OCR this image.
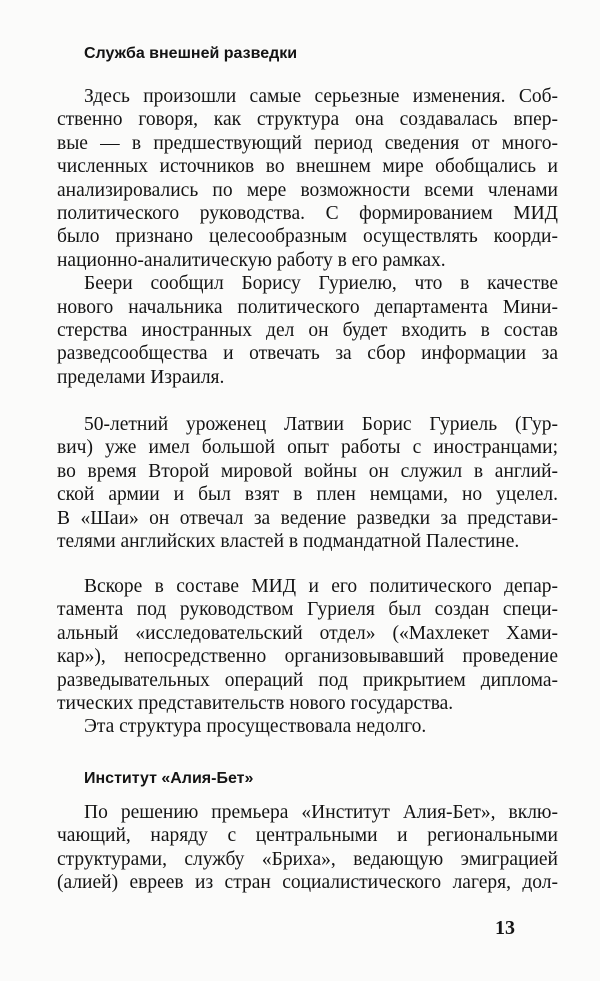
Служба внешней разведки
Здесь произошли самые серьезные изменения. Соб-
ственно говоря, как структура она создавалась впер-
вые — в предшествующий период сведения от много-
численных источников во внешнем мире обобщались и
анализировались по мере возможности всеми членами
политического руководства. С формированием МИД
было признано целесообразным осуществлять коорди-
национно-аналитическую работу в его рамках.
Беери сообщил Борису Гуриелю, что в качестве
нового начальника политического департамента Мини-
стерства иностранных дел он будет входить в состав
разведсообщества и отвечать за сбор информации за
пределами Израиля.
50-летний уроженец Латвии Борис Гуриель (Гур-
вич) уже имел большой опыт работы с иностранцами;
во время Второй мировой войны он служил в англий-
ской армии и был взят в плен немцами, но уцелел.
В «Шаи» он отвечал за ведение разведки за представи-
телями английских властей в подмандатной Палестине.
Вскоре в составе МИД и его политического депар-
тамента под руководством Гуриеля был создан специ-
альный «исследовательский отдел» («Махлекет Хами-
кар»), непосредственно организовывавший проведение
разведывательных операций под прикрытием диплома-
тических представительств нового государства.
Эта структура просуществовала недолго.
Институт «Алия-Бет»
По решению премьера «Институт Алия-Бет», вклю-
чающий, наряду с центральными и региональными
структурами, службу «Бриха», ведающую эмиграцией
(алией) евреев из стран социалистического лагеря, дол-
13
